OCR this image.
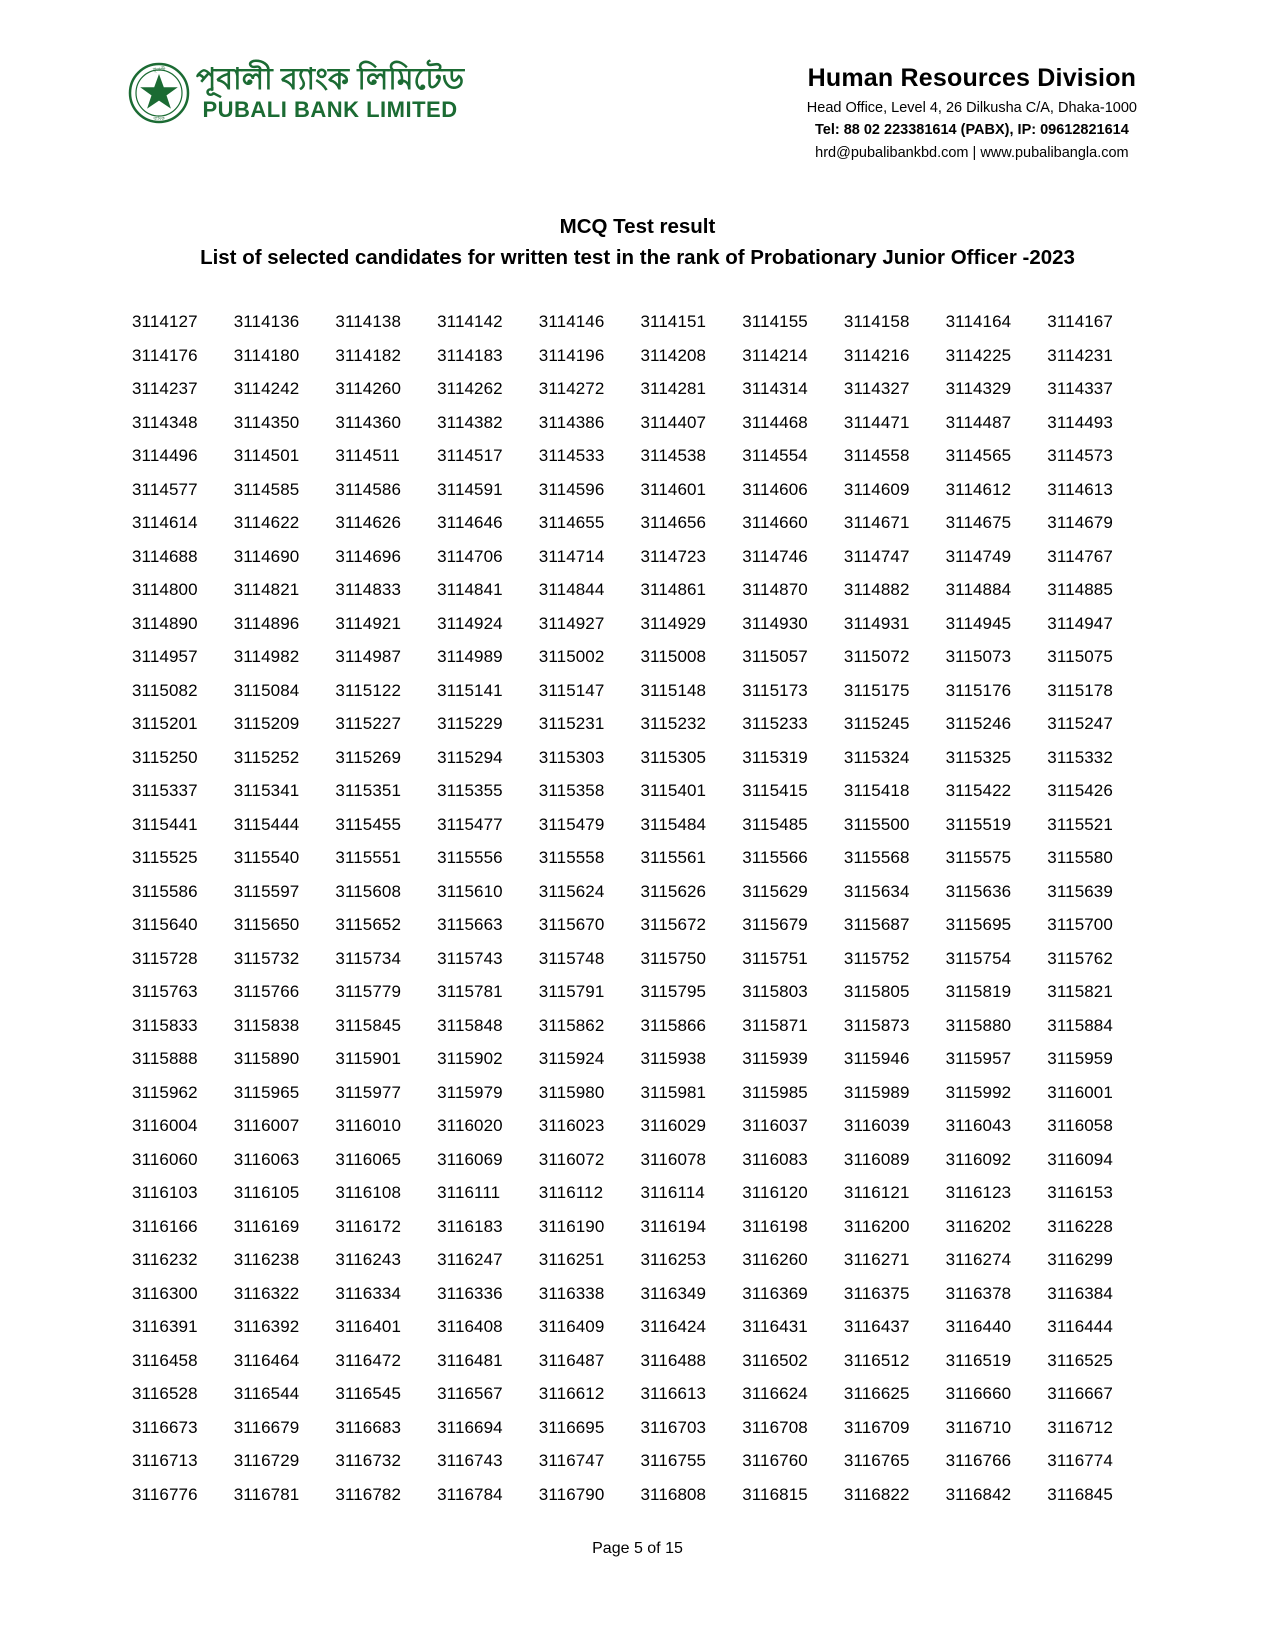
পূবালী
ব্যাংক
পূবালী ব্যাংক লিমিটেড
PUBALI BANK LIMITED
Human Resources Division
Head Office, Level 4, 26 Dilkusha C/A, Dhaka-1000
Tel: 88 02 223381614 (PABX), IP: 09612821614
hrd@pubalibankbd.com | www.pubalibangla.com
MCQ Test result
List of selected candidates for written test in the rank of Probationary Junior Officer -2023
3114127	3114136	3114138	3114142	3114146	3114151	3114155	3114158	3114164	3114167
3114176	3114180	3114182	3114183	3114196	3114208	3114214	3114216	3114225	3114231
3114237	3114242	3114260	3114262	3114272	3114281	3114314	3114327	3114329	3114337
3114348	3114350	3114360	3114382	3114386	3114407	3114468	3114471	3114487	3114493
3114496	3114501	3114511	3114517	3114533	3114538	3114554	3114558	3114565	3114573
3114577	3114585	3114586	3114591	3114596	3114601	3114606	3114609	3114612	3114613
3114614	3114622	3114626	3114646	3114655	3114656	3114660	3114671	3114675	3114679
3114688	3114690	3114696	3114706	3114714	3114723	3114746	3114747	3114749	3114767
3114800	3114821	3114833	3114841	3114844	3114861	3114870	3114882	3114884	3114885
3114890	3114896	3114921	3114924	3114927	3114929	3114930	3114931	3114945	3114947
3114957	3114982	3114987	3114989	3115002	3115008	3115057	3115072	3115073	3115075
3115082	3115084	3115122	3115141	3115147	3115148	3115173	3115175	3115176	3115178
3115201	3115209	3115227	3115229	3115231	3115232	3115233	3115245	3115246	3115247
3115250	3115252	3115269	3115294	3115303	3115305	3115319	3115324	3115325	3115332
3115337	3115341	3115351	3115355	3115358	3115401	3115415	3115418	3115422	3115426
3115441	3115444	3115455	3115477	3115479	3115484	3115485	3115500	3115519	3115521
3115525	3115540	3115551	3115556	3115558	3115561	3115566	3115568	3115575	3115580
3115586	3115597	3115608	3115610	3115624	3115626	3115629	3115634	3115636	3115639
3115640	3115650	3115652	3115663	3115670	3115672	3115679	3115687	3115695	3115700
3115728	3115732	3115734	3115743	3115748	3115750	3115751	3115752	3115754	3115762
3115763	3115766	3115779	3115781	3115791	3115795	3115803	3115805	3115819	3115821
3115833	3115838	3115845	3115848	3115862	3115866	3115871	3115873	3115880	3115884
3115888	3115890	3115901	3115902	3115924	3115938	3115939	3115946	3115957	3115959
3115962	3115965	3115977	3115979	3115980	3115981	3115985	3115989	3115992	3116001
3116004	3116007	3116010	3116020	3116023	3116029	3116037	3116039	3116043	3116058
3116060	3116063	3116065	3116069	3116072	3116078	3116083	3116089	3116092	3116094
3116103	3116105	3116108	3116111	3116112	3116114	3116120	3116121	3116123	3116153
3116166	3116169	3116172	3116183	3116190	3116194	3116198	3116200	3116202	3116228
3116232	3116238	3116243	3116247	3116251	3116253	3116260	3116271	3116274	3116299
3116300	3116322	3116334	3116336	3116338	3116349	3116369	3116375	3116378	3116384
3116391	3116392	3116401	3116408	3116409	3116424	3116431	3116437	3116440	3116444
3116458	3116464	3116472	3116481	3116487	3116488	3116502	3116512	3116519	3116525
3116528	3116544	3116545	3116567	3116612	3116613	3116624	3116625	3116660	3116667
3116673	3116679	3116683	3116694	3116695	3116703	3116708	3116709	3116710	3116712
3116713	3116729	3116732	3116743	3116747	3116755	3116760	3116765	3116766	3116774
3116776	3116781	3116782	3116784	3116790	3116808	3116815	3116822	3116842	3116845
Page 5 of 15
